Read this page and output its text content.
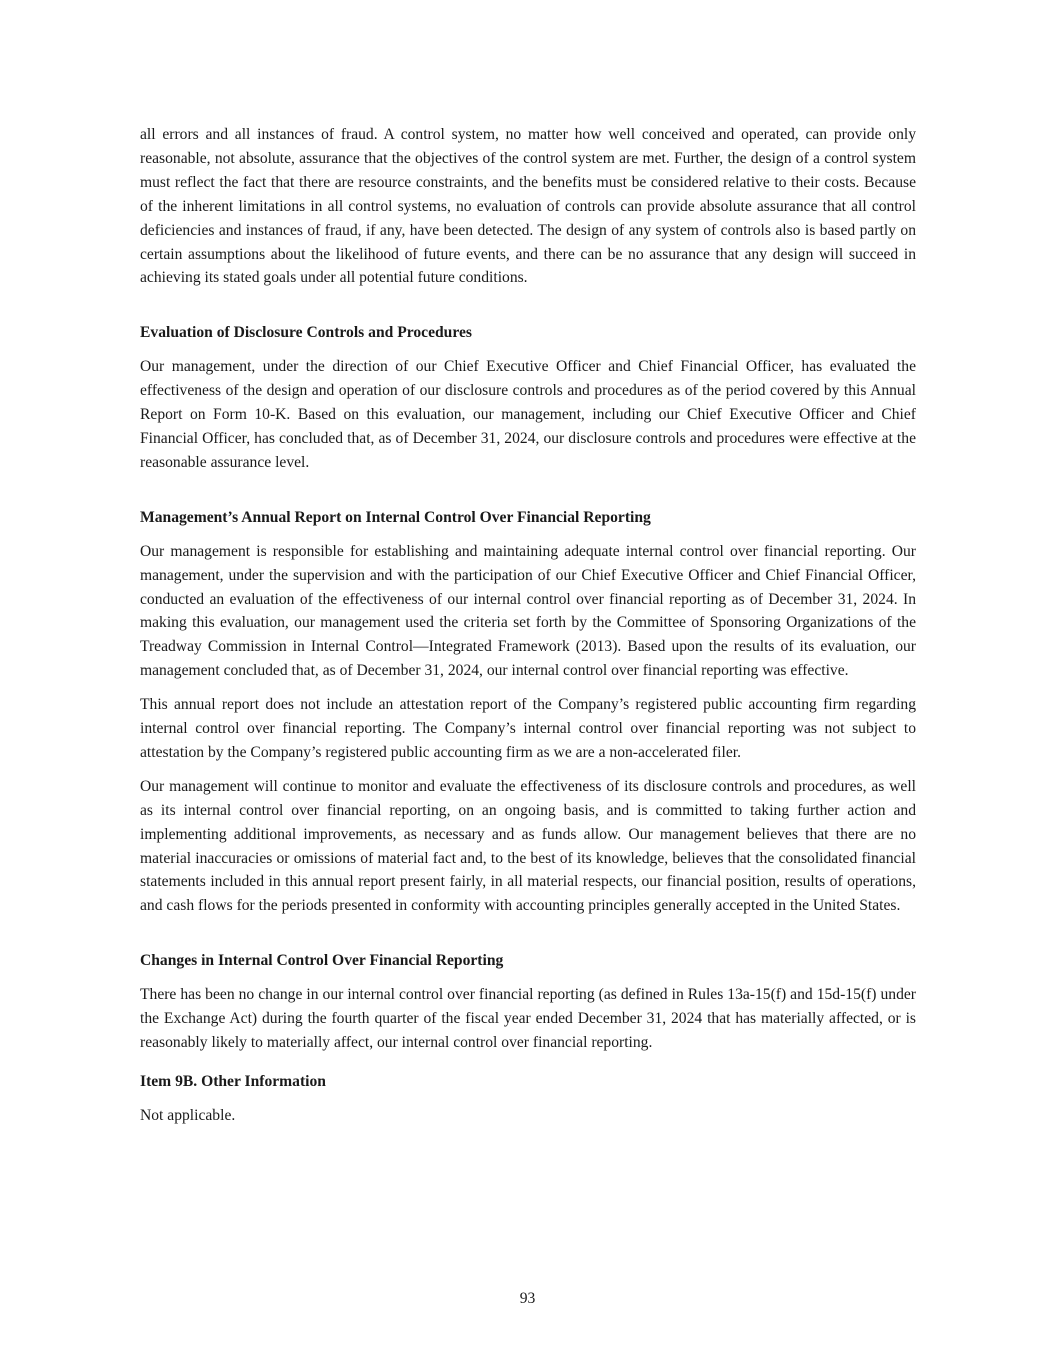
all errors and all instances of fraud. A control system, no matter how well conceived and operated, can provide only reasonable, not absolute, assurance that the objectives of the control system are met. Further, the design of a control system must reflect the fact that there are resource constraints, and the benefits must be considered relative to their costs. Because of the inherent limitations in all control systems, no evaluation of controls can provide absolute assurance that all control deficiencies and instances of fraud, if any, have been detected. The design of any system of controls also is based partly on certain assumptions about the likelihood of future events, and there can be no assurance that any design will succeed in achieving its stated goals under all potential future conditions.

Evaluation of Disclosure Controls and Procedures

Our management, under the direction of our Chief Executive Officer and Chief Financial Officer, has evaluated the effectiveness of the design and operation of our disclosure controls and procedures as of the period covered by this Annual Report on Form 10-K. Based on this evaluation, our management, including our Chief Executive Officer and Chief Financial Officer, has concluded that, as of December 31, 2024, our disclosure controls and procedures were effective at the reasonable assurance level.

Management’s Annual Report on Internal Control Over Financial Reporting

Our management is responsible for establishing and maintaining adequate internal control over financial reporting. Our management, under the supervision and with the participation of our Chief Executive Officer and Chief Financial Officer, conducted an evaluation of the effectiveness of our internal control over financial reporting as of December 31, 2024. In making this evaluation, our management used the criteria set forth by the Committee of Sponsoring Organizations of the Treadway Commission in Internal Control—Integrated Framework (2013). Based upon the results of its evaluation, our management concluded that, as of December 31, 2024, our internal control over financial reporting was effective.

This annual report does not include an attestation report of the Company’s registered public accounting firm regarding internal control over financial reporting. The Company’s internal control over financial reporting was not subject to attestation by the Company’s registered public accounting firm as we are a non-accelerated filer.

Our management will continue to monitor and evaluate the effectiveness of its disclosure controls and procedures, as well as its internal control over financial reporting, on an ongoing basis, and is committed to taking further action and implementing additional improvements, as necessary and as funds allow. Our management believes that there are no material inaccuracies or omissions of material fact and, to the best of its knowledge, believes that the consolidated financial statements included in this annual report present fairly, in all material respects, our financial position, results of operations, and cash flows for the periods presented in conformity with accounting principles generally accepted in the United States.

Changes in Internal Control Over Financial Reporting

There has been no change in our internal control over financial reporting (as defined in Rules 13a-15(f) and 15d-15(f) under the Exchange Act) during the fourth quarter of the fiscal year ended December 31, 2024 that has materially affected, or is reasonably likely to materially affect, our internal control over financial reporting.

Item 9B. Other Information

Not applicable.

93
